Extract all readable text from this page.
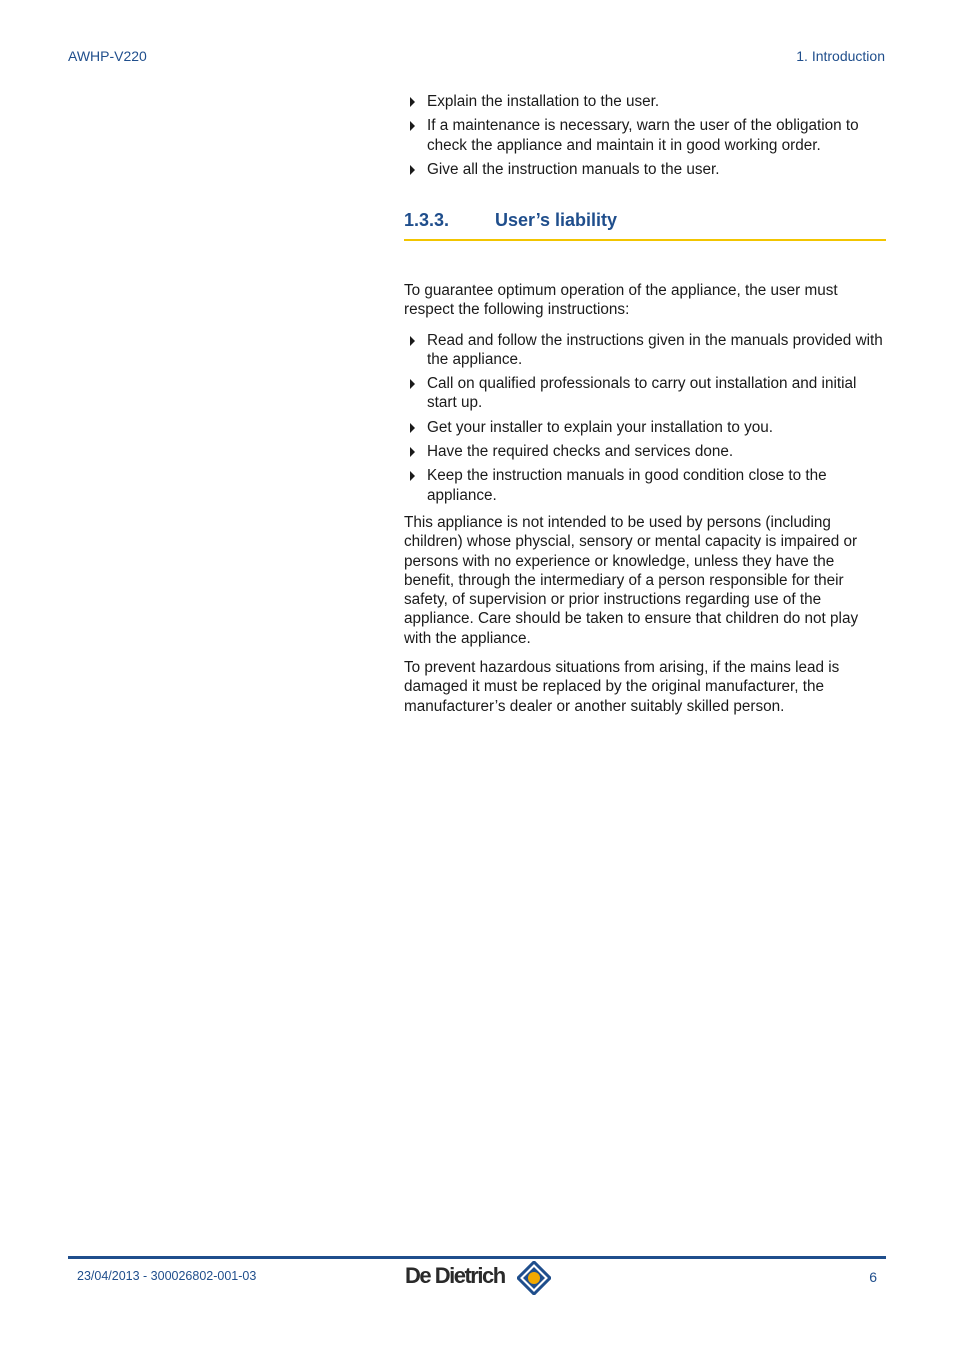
AWHP-V220	1. Introduction
Explain the installation to the user.
If a maintenance is necessary, warn the user of the obligation to check the appliance and maintain it in good working order.
Give all the instruction manuals to the user.
1.3.3.	User’s liability

To guarantee optimum operation of the appliance, the user must respect the following instructions:

Read and follow the instructions given in the manuals provided with the appliance.
Call on qualified professionals to carry out installation and initial start up.
Get your installer to explain your installation to you.
Have the required checks and services done.
Keep the instruction manuals in good condition close to the appliance.

This appliance is not intended to be used by persons (including children) whose physcial, sensory or mental capacity is impaired or persons with no experience or knowledge, unless they have the benefit, through the intermediary of a person responsible for their safety, of supervision or prior instructions regarding use of the appliance. Care should be taken to ensure that children do not play with the appliance.

To prevent hazardous situations from arising, if the mains lead is damaged it must be replaced by the original manufacturer, the manufacturer’s dealer or another suitably skilled person.

23/04/2013 - 300026802-001-03	De Dietrich	6
